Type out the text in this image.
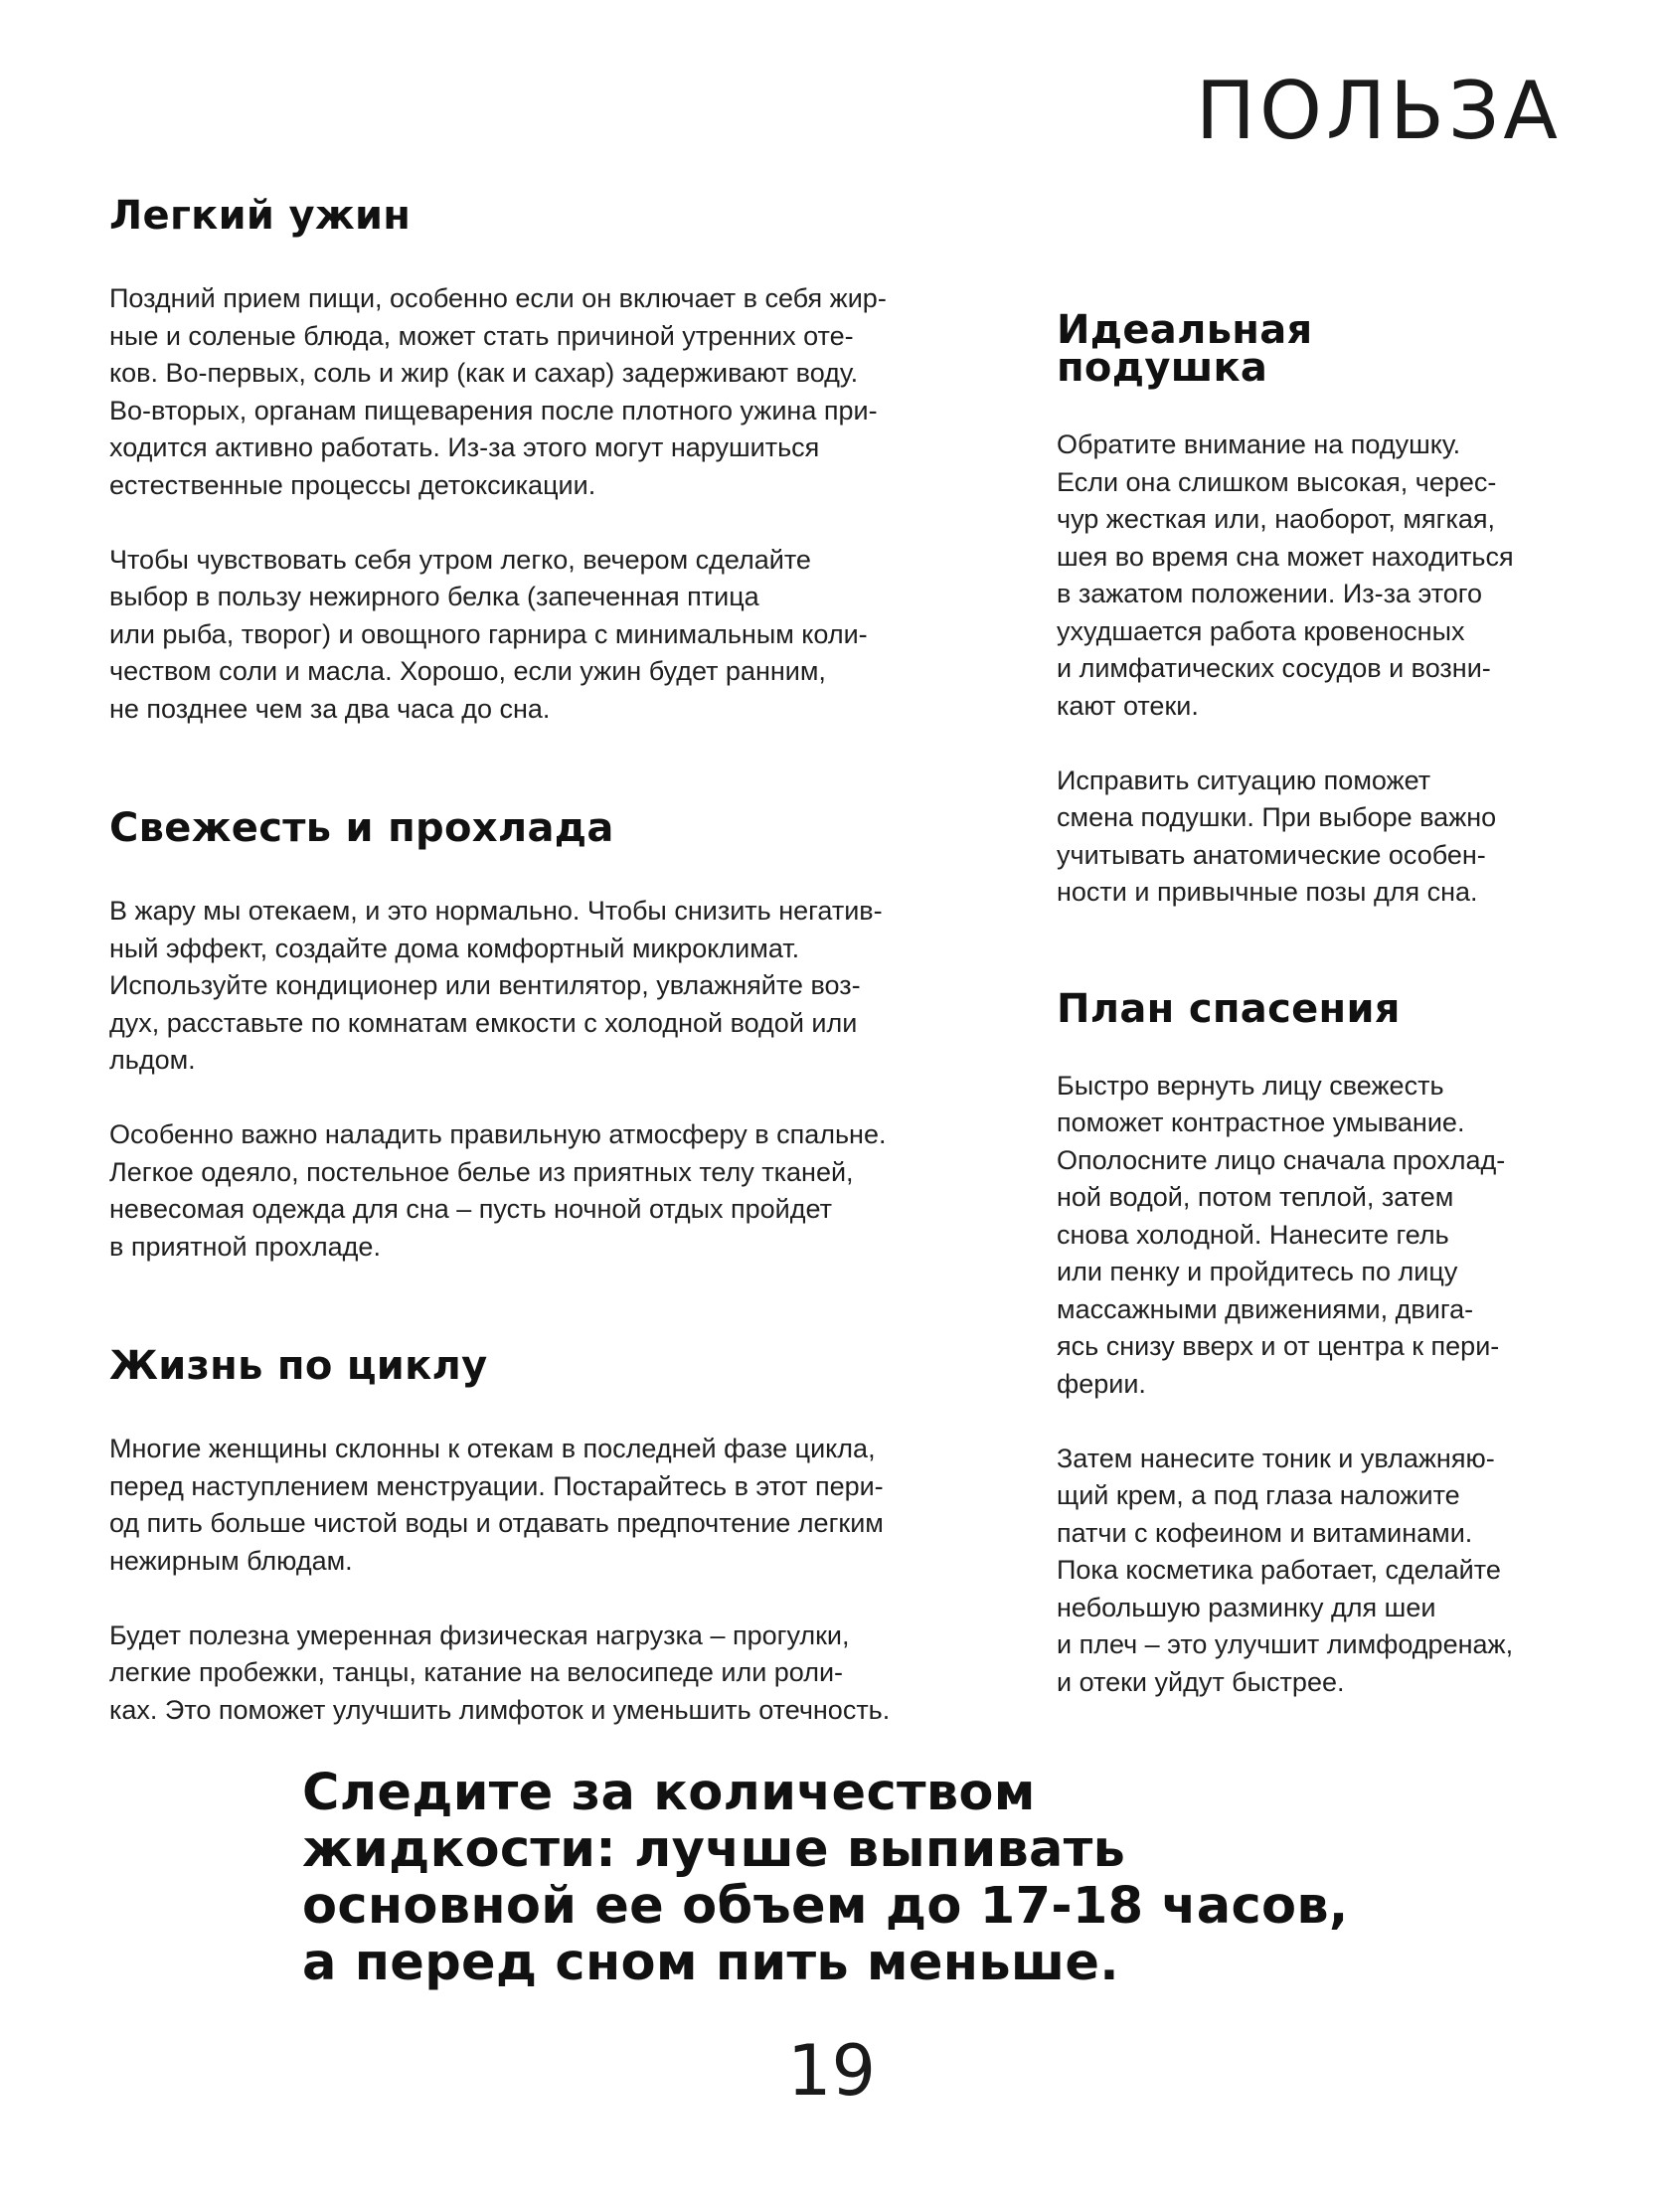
ПОЛЬЗА
Легкий ужин

Поздний прием пищи, особенно если он включает в себя жир-
ные и соленые блюда, может стать причиной утренних оте-
ков. Во-первых, соль и жир (как и сахар) задерживают воду.
Во-вторых, органам пищеварения после плотного ужина при-
ходится активно работать. Из-за этого могут нарушиться
естественные процессы детоксикации.

Чтобы чувствовать себя утром легко, вечером сделайте
выбор в пользу нежирного белка (запеченная птица
или рыба, творог) и овощного гарнира с минимальным коли-
чеством соли и масла. Хорошо, если ужин будет ранним,
не позднее чем за два часа до сна.

Свежесть и прохлада

В жару мы отекаем, и это нормально. Чтобы снизить негатив-
ный эффект, создайте дома комфортный микроклимат.
Используйте кондиционер или вентилятор, увлажняйте воз-
дух, расставьте по комнатам емкости с холодной водой или
льдом.

Особенно важно наладить правильную атмосферу в спальне.
Легкое одеяло, постельное белье из приятных телу тканей,
невесомая одежда для сна – пусть ночной отдых пройдет
в приятной прохладе.

Жизнь по циклу

Многие женщины склонны к отекам в последней фазе цикла,
перед наступлением менструации. Постарайтесь в этот пери-
од пить больше чистой воды и отдавать предпочтение легким
нежирным блюдам.

Будет полезна умеренная физическая нагрузка – прогулки,
легкие пробежки, танцы, катание на велосипеде или роли-
ках. Это поможет улучшить лимфоток и уменьшить отечность.

Идеальная
подушка

Обратите внимание на подушку.
Если она слишком высокая, черес-
чур жесткая или, наоборот, мягкая,
шея во время сна может находиться
в зажатом положении. Из-за этого
ухудшается работа кровеносных
и лимфатических сосудов и возни-
кают отеки.

Исправить ситуацию поможет
смена подушки. При выборе важно
учитывать анатомические особен-
ности и привычные позы для сна.

План спасения

Быстро вернуть лицу свежесть
поможет контрастное умывание.
Ополосните лицо сначала прохлад-
ной водой, потом теплой, затем
снова холодной. Нанесите гель
или пенку и пройдитесь по лицу
массажными движениями, двига-
ясь снизу вверх и от центра к пери-
ферии.

Затем нанесите тоник и увлажняю-
щий крем, а под глаза наложите
патчи с кофеином и витаминами.
Пока косметика работает, сделайте
небольшую разминку для шеи
и плеч – это улучшит лимфодренаж,
и отеки уйдут быстрее.

Следите за количеством
жидкости: лучше выпивать
основной ее объем до 17-18 часов,
а перед сном пить меньше.
19
